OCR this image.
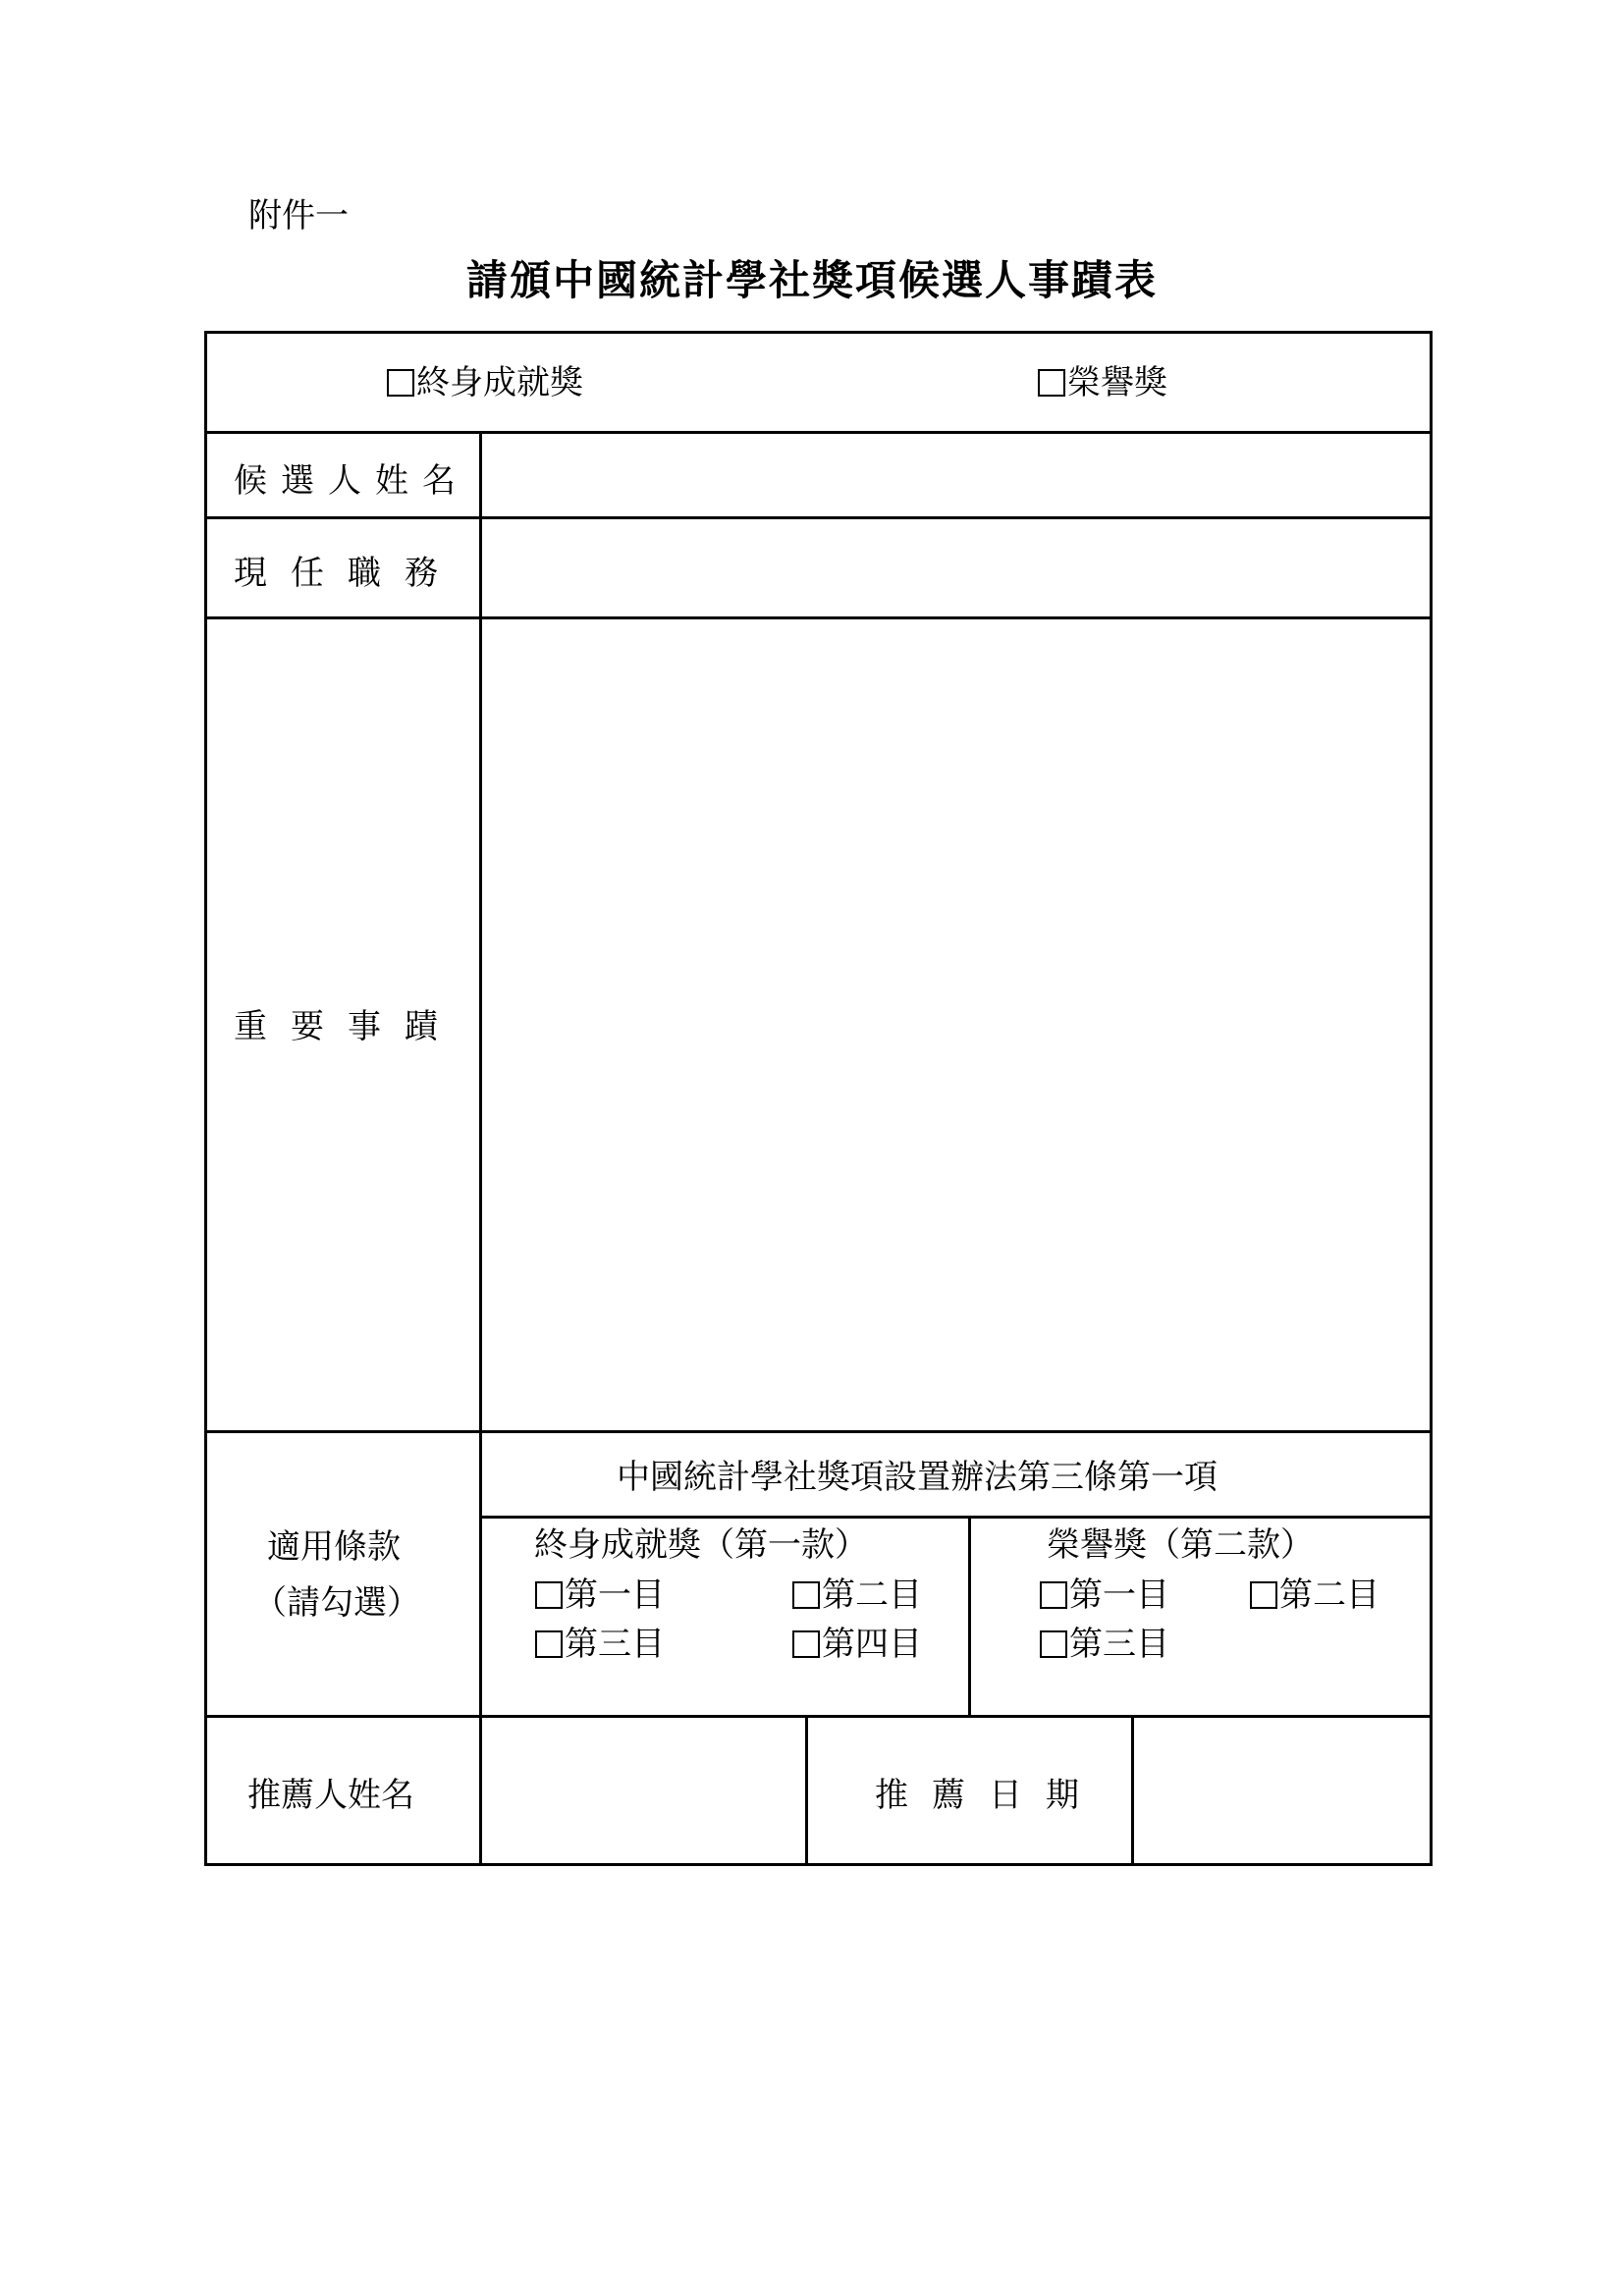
附件一
請頒中國統計學社獎項候選人事蹟表
終身成就獎	榮譽獎
候選人姓名
現任職務
重要事蹟
適用條款
（請勾選）
中國統計學社獎項設置辦法第三條第一項
終身成就獎（第一款）
第一目	第二目
第三目	第四目
榮譽獎（第二款）
第一目	第二目
第三目
推薦人姓名	推薦日期
